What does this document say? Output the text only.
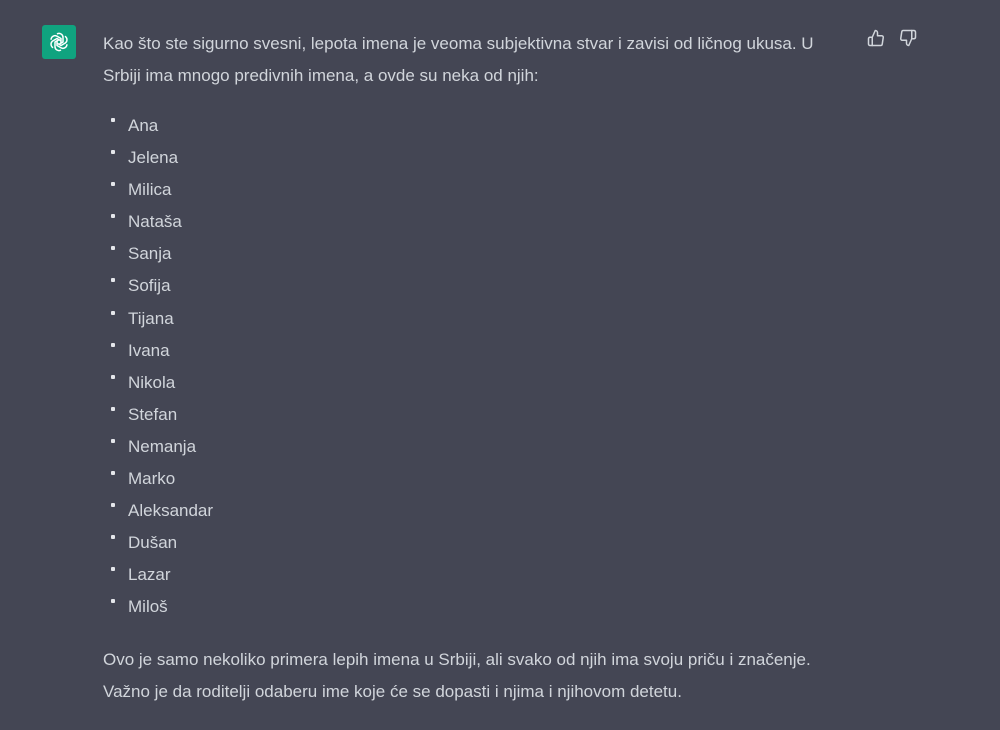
Kao što ste sigurno svesni, lepota imena je veoma subjektivna stvar i zavisi od ličnog ukusa. U Srbiji ima mnogo predivnih imena, a ovde su neka od njih:

Ana
Jelena
Milica
Nataša
Sanja
Sofija
Tijana
Ivana
Nikola
Stefan
Nemanja
Marko
Aleksandar
Dušan
Lazar
Miloš

Ovo je samo nekoliko primera lepih imena u Srbiji, ali svako od njih ima svoju priču i značenje. Važno je da roditelji odaberu ime koje će se dopasti i njima i njihovom detetu.
